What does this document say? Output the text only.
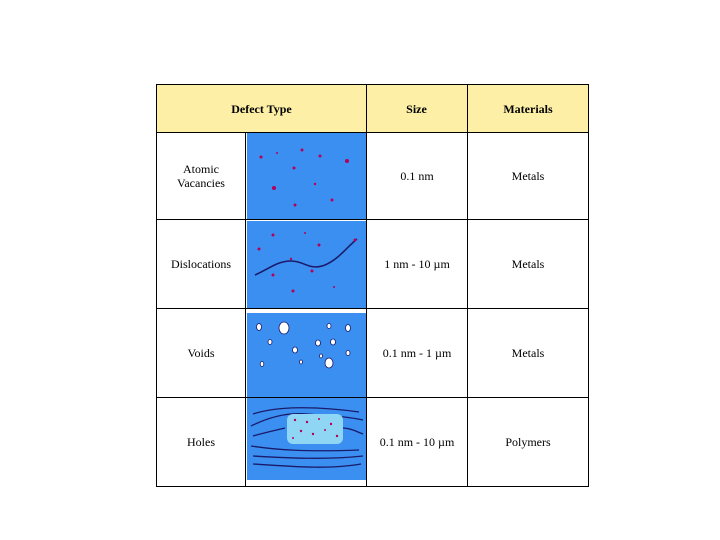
Defect Type	Size	Materials
Atomic
Vacancies	0.1 nm	Metals
Dislocations	1 nm - 10 µm	Metals
Voids	0.1 nm - 1 µm	Metals
Holes	0.1 nm - 10 µm	Polymers
